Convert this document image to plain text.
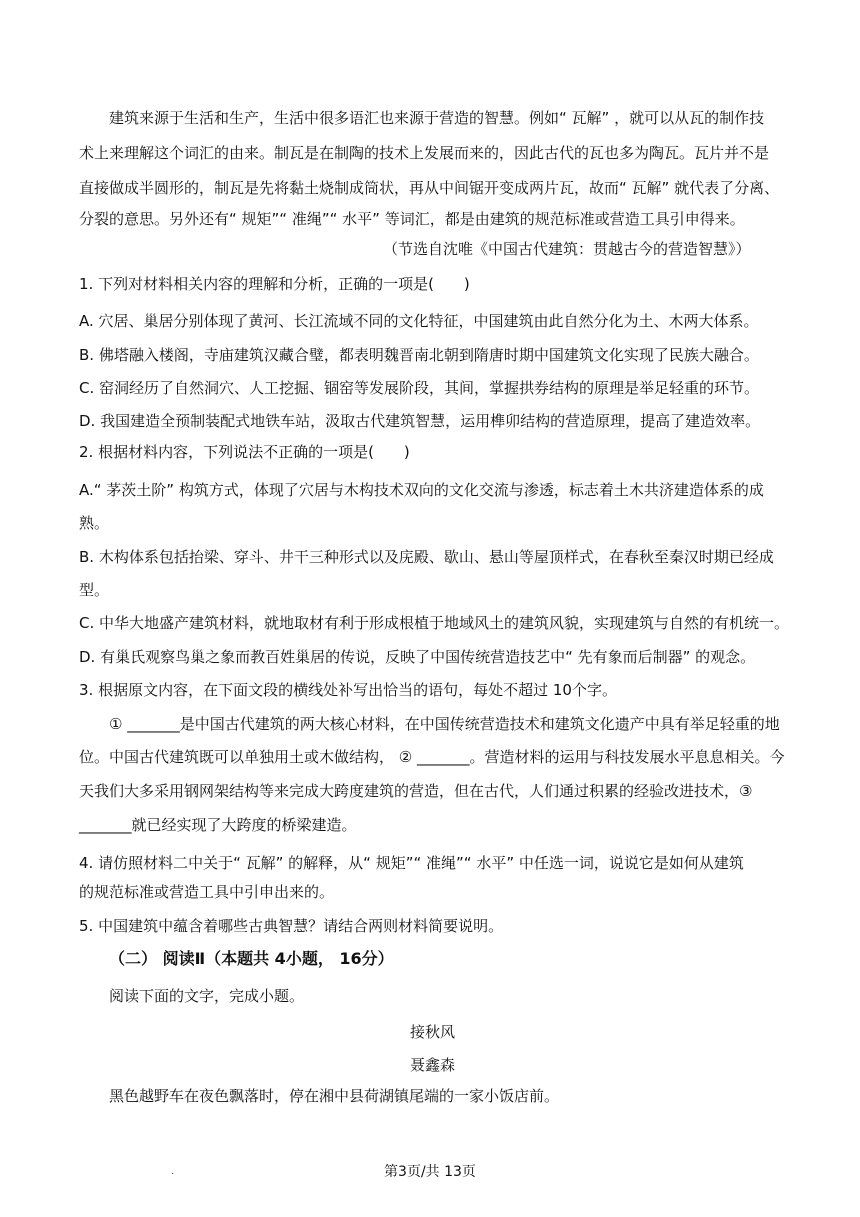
建筑来源于生活和生产，生活中很多语汇也来源于营造的智慧。例如“ 瓦解” ，就可以从瓦的制作技
术上来理解这个词汇的由来。制瓦是在制陶的技术上发展而来的，因此古代的瓦也多为陶瓦。瓦片并不是
直接做成半圆形的，制瓦是先将黏土烧制成筒状，再从中间锯开变成两片瓦，故而“ 瓦解” 就代表了分离、
分裂的意思。另外还有“ 规矩”“ 准绳”“ 水平” 等词汇，都是由建筑的规范标准或营造工具引申得来。
（节选自沈唯《中国古代建筑：贯越古今的营造智慧》）
1. 下列对材料相关内容的理解和分析，正确的一项是(　　)
A. 穴居、巢居分别体现了黄河、长江流域不同的文化特征，中国建筑由此自然分化为土、木两大体系。
B. 佛塔融入楼阁，寺庙建筑汉藏合璧，都表明魏晋南北朝到隋唐时期中国建筑文化实现了民族大融合。
C. 窑洞经历了自然洞穴、人工挖掘、锢窑等发展阶段，其间，掌握拱券结构的原理是举足轻重的环节。
D. 我国建造全预制装配式地铁车站，汲取古代建筑智慧，运用榫卯结构的营造原理，提高了建造效率。
2. 根据材料内容，下列说法不正确的一项是(　　)
A.“ 茅茨土阶” 构筑方式，体现了穴居与木构技术双向的文化交流与渗透，标志着土木共济建造体系的成
熟。
B. 木构体系包括抬梁、穿斗、井干三种形式以及庑殿、歇山、悬山等屋顶样式，在春秋至秦汉时期已经成
型。
C. 中华大地盛产建筑材料，就地取材有利于形成根植于地域风土的建筑风貌，实现建筑与自然的有机统一。
D. 有巢氏观察鸟巢之象而教百姓巢居的传说，反映了中国传统营造技艺中“ 先有象而后制器” 的观念。
3. 根据原文内容，在下面文段的横线处补写出恰当的语句，每处不超过 10个字。
① _______是中国古代建筑的两大核心材料，在中国传统营造技术和建筑文化遗产中具有举足轻重的地
位。中国古代建筑既可以单独用土或木做结构， ② _______。营造材料的运用与科技发展水平息息相关。今
天我们大多采用钢网架结构等来完成大跨度建筑的营造，但在古代，人们通过积累的经验改进技术，③
_______就已经实现了大跨度的桥梁建造。
4. 请仿照材料二中关于“ 瓦解” 的解释，从“ 规矩”“ 准绳”“ 水平” 中任选一词，说说它是如何从建筑
的规范标准或营造工具中引申出来的。
5. 中国建筑中蕴含着哪些古典智慧？请结合两则材料简要说明。
（二） 阅读Ⅱ（本题共 4小题， 16分）
阅读下面的文字，完成小题。
接秋风
聂鑫森
黑色越野车在夜色飘落时，停在湘中县荷湖镇尾端的一家小饭店前。
.	第3页/共 13页
